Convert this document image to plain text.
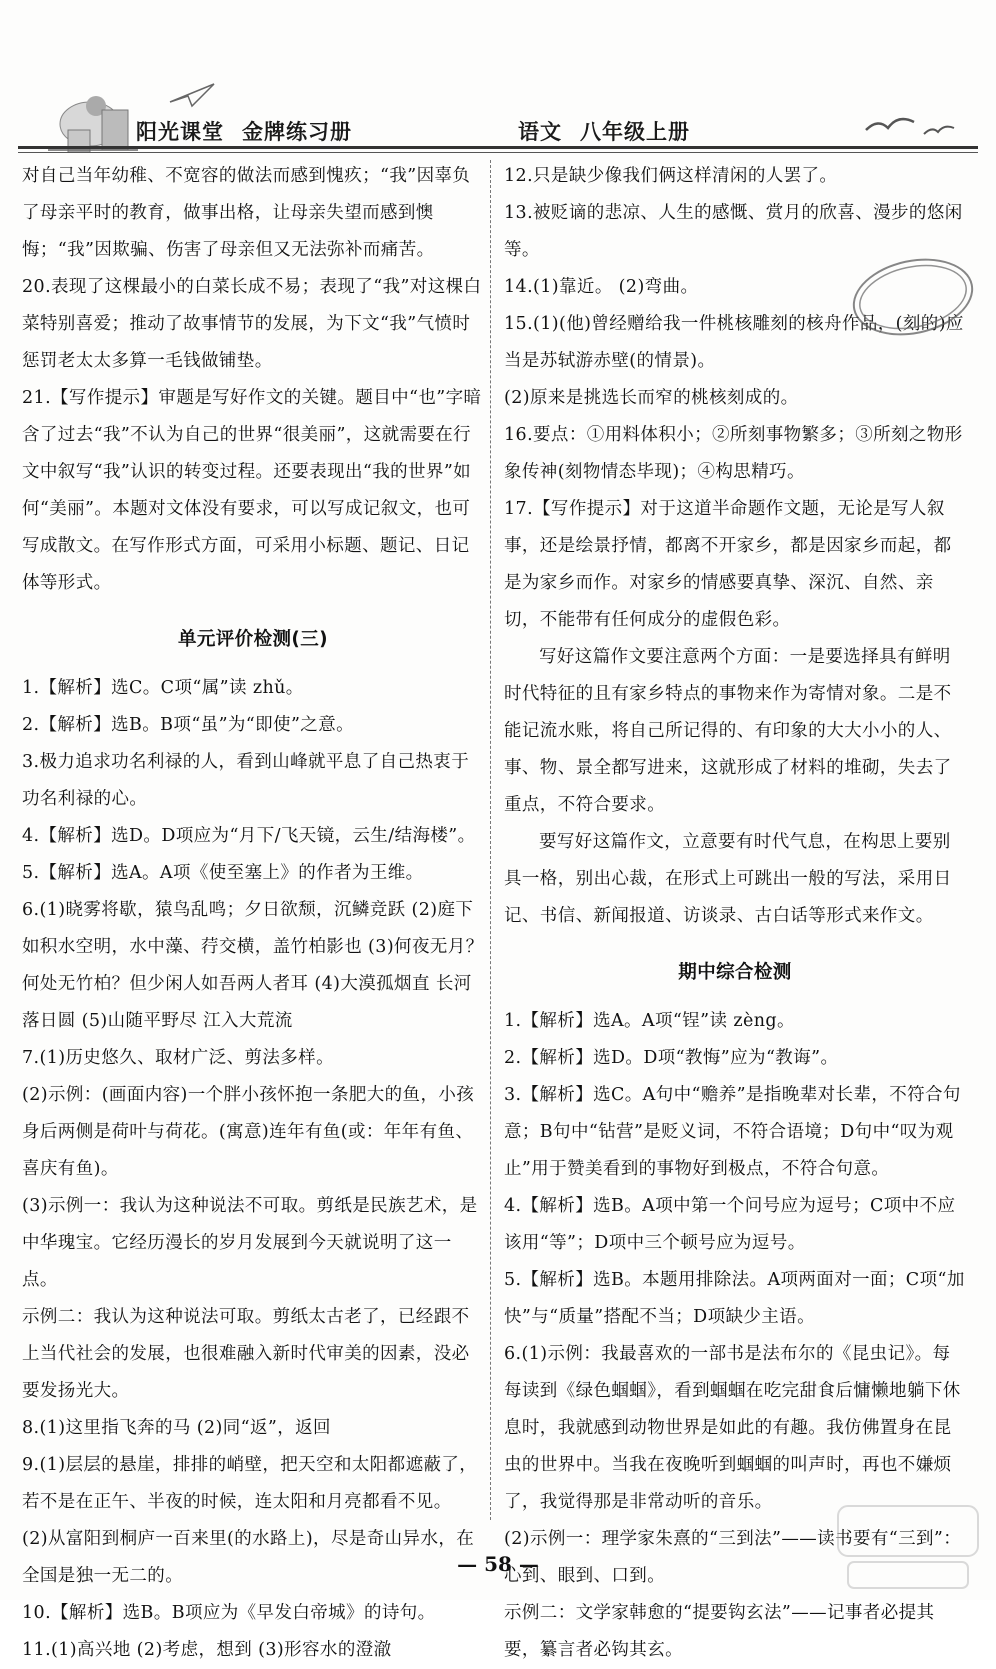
阳光课堂 金牌练习册	语文 八年级上册

对自己当年幼稚、不宽容的做法而感到愧疚；“我”因辜负了母亲平时的教育，做事出格，让母亲失望而感到懊悔；“我”因欺骗、伤害了母亲但又无法弥补而痛苦。

20.表现了这棵最小的白菜长成不易；表现了“我”对这棵白菜特别喜爱；推动了故事情节的发展，为下文“我”气愤时惩罚老太太多算一毛钱做铺垫。

21.【写作提示】审题是写好作文的关键。题目中“也”字暗含了过去“我”不认为自己的世界“很美丽”，这就需要在行文中叙写“我”认识的转变过程。还要表现出“我的世界”如何“美丽”。本题对文体没有要求，可以写成记叙文，也可写成散文。在写作形式方面，可采用小标题、题记、日记体等形式。

单元评价检测(三)

1.【解析】选C。C项“属”读 zhǔ。

2.【解析】选B。B项“虽”为“即使”之意。

3.极力追求功名利禄的人，看到山峰就平息了自己热衷于功名利禄的心。

4.【解析】选D。D项应为“月下/飞天镜，云生/结海楼”。

5.【解析】选A。A项《使至塞上》的作者为王维。

6.(1)晓雾将歇，猿鸟乱鸣；夕日欲颓，沉鳞竞跃 (2)庭下如积水空明，水中藻、荇交横，盖竹柏影也 (3)何夜无月？何处无竹柏？但少闲人如吾两人者耳 (4)大漠孤烟直 长河落日圆 (5)山随平野尽 江入大荒流

7.(1)历史悠久、取材广泛、剪法多样。

(2)示例：(画面内容)一个胖小孩怀抱一条肥大的鱼，小孩身后两侧是荷叶与荷花。(寓意)连年有鱼(或：年年有鱼、喜庆有鱼)。

(3)示例一：我认为这种说法不可取。剪纸是民族艺术，是中华瑰宝。它经历漫长的岁月发展到今天就说明了这一点。

示例二：我认为这种说法可取。剪纸太古老了，已经跟不上当代社会的发展，也很难融入新时代审美的因素，没必要发扬光大。

8.(1)这里指飞奔的马 (2)同“返”，返回

9.(1)层层的悬崖，排排的峭壁，把天空和太阳都遮蔽了，若不是在正午、半夜的时候，连太阳和月亮都看不见。

(2)从富阳到桐庐一百来里(的水路上)，尽是奇山异水，在全国是独一无二的。

10.【解析】选B。B项应为《早发白帝城》的诗句。

11.(1)高兴地 (2)考虑，想到 (3)形容水的澄澈

12.只是缺少像我们俩这样清闲的人罢了。

13.被贬谪的悲凉、人生的感慨、赏月的欣喜、漫步的悠闲等。

14.(1)靠近。 (2)弯曲。

15.(1)(他)曾经赠给我一件桃核雕刻的核舟作品，(刻的)应当是苏轼游赤壁(的情景)。

(2)原来是挑选长而窄的桃核刻成的。

16.要点：①用料体积小；②所刻事物繁多；③所刻之物形象传神(刻物情态毕现)；④构思精巧。

17.【写作提示】对于这道半命题作文题，无论是写人叙事，还是绘景抒情，都离不开家乡，都是因家乡而起，都是为家乡而作。对家乡的情感要真挚、深沉、自然、亲切，不能带有任何成分的虚假色彩。

写好这篇作文要注意两个方面：一是要选择具有鲜明时代特征的且有家乡特点的事物来作为寄情对象。二是不能记流水账，将自己所记得的、有印象的大大小小的人、事、物、景全都写进来，这就形成了材料的堆砌，失去了重点，不符合要求。

要写好这篇作文，立意要有时代气息，在构思上要别具一格，别出心裁，在形式上可跳出一般的写法，采用日记、书信、新闻报道、访谈录、古白话等形式来作文。

期中综合检测

1.【解析】选A。A项“锃”读 zèng。

2.【解析】选D。D项“教悔”应为“教诲”。

3.【解析】选C。A句中“赡养”是指晚辈对长辈，不符合句意；B句中“钻营”是贬义词，不符合语境；D句中“叹为观止”用于赞美看到的事物好到极点，不符合句意。

4.【解析】选B。A项中第一个问号应为逗号；C项中不应该用“等”；D项中三个顿号应为逗号。

5.【解析】选B。本题用排除法。A项两面对一面；C项“加快”与“质量”搭配不当；D项缺少主语。

6.(1)示例：我最喜欢的一部书是法布尔的《昆虫记》。每每读到《绿色蝈蝈》，看到蝈蝈在吃完甜食后慵懒地躺下休息时，我就感到动物世界是如此的有趣。我仿佛置身在昆虫的世界中。当我在夜晚听到蝈蝈的叫声时，再也不嫌烦了，我觉得那是非常动听的音乐。

(2)示例一：理学家朱熹的“三到法”——读书要有“三到”：心到、眼到、口到。

示例二：文学家韩愈的“提要钩玄法”——记事者必提其要，纂言者必钩其玄。

— 58 —
